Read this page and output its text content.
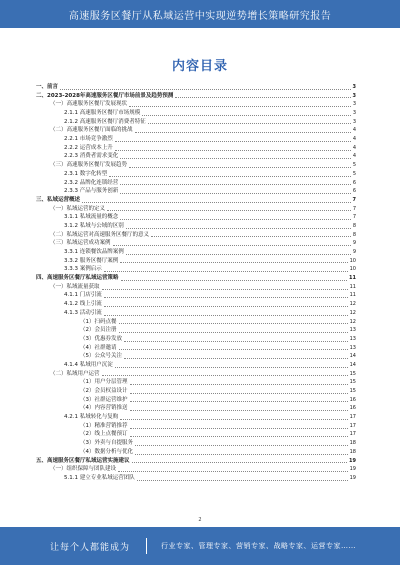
高速服务区餐厅从私域运营中实现逆势增长策略研究报告
内容目录
一、前言	3
二、2023-2028年高速服务区餐厅市场前景及趋势预测	3
（一）高速服务区餐厅发展现状	3
2.1.1 高速服务区餐厅市场规模	3
2.1.2 高速服务区餐厅消费者特征	3
（二）高速服务区餐厅面临的挑战	4
2.2.1 市场竞争激烈	4
2.2.2 运营成本上升	4
2.2.3 消费者需求变化	4
（三）高速服务区餐厅发展趋势	5
2.3.1 数字化转型	5
2.3.2 品牌化连锁经营	6
2.3.3 产品与服务创新	6
三、私域运营概述	7
（一）私域运营的定义	7
3.1.1 私域流量的概念	7
3.1.2 私域与公域的区别	8
（二）私域运营对高速服务区餐厅的意义	8
（三）私域运营成功案例	9
3.3.1 连锁餐饮品牌案例	9
3.3.2 服务区餐厅案例	10
3.3.3 案例启示	10
四、高速服务区餐厅私域运营策略	11
（一）私域流量获取	11
4.1.1 门店引流	11
4.1.2 线上引流	12
4.1.3 活动引流	12
（1）扫码点餐	12
（2）会员注册	13
（3）优惠券发放	13
（4）社群邀请	13
（5）公众号关注	14
4.1.4 私域用户沉淀	14
（二）私域用户运营	15
（1）用户分层管理	15
（2）会员权益设计	15
（3）社群运营维护	16
（4）内容营销推送	16
4.2.1 私域转化与复购	17
（1）精准营销推荐	17
（2）线上点餐预订	17
（3）外卖与自提服务	18
（4）数据分析与优化	18
五、高速服务区餐厅私域运营实施建议	19
（一）组织保障与团队建设	19
5.1.1 建立专业私域运营团队	19
2
让每个人都能成为	行业专家、管理专家、营销专家、战略专家、运营专家……
